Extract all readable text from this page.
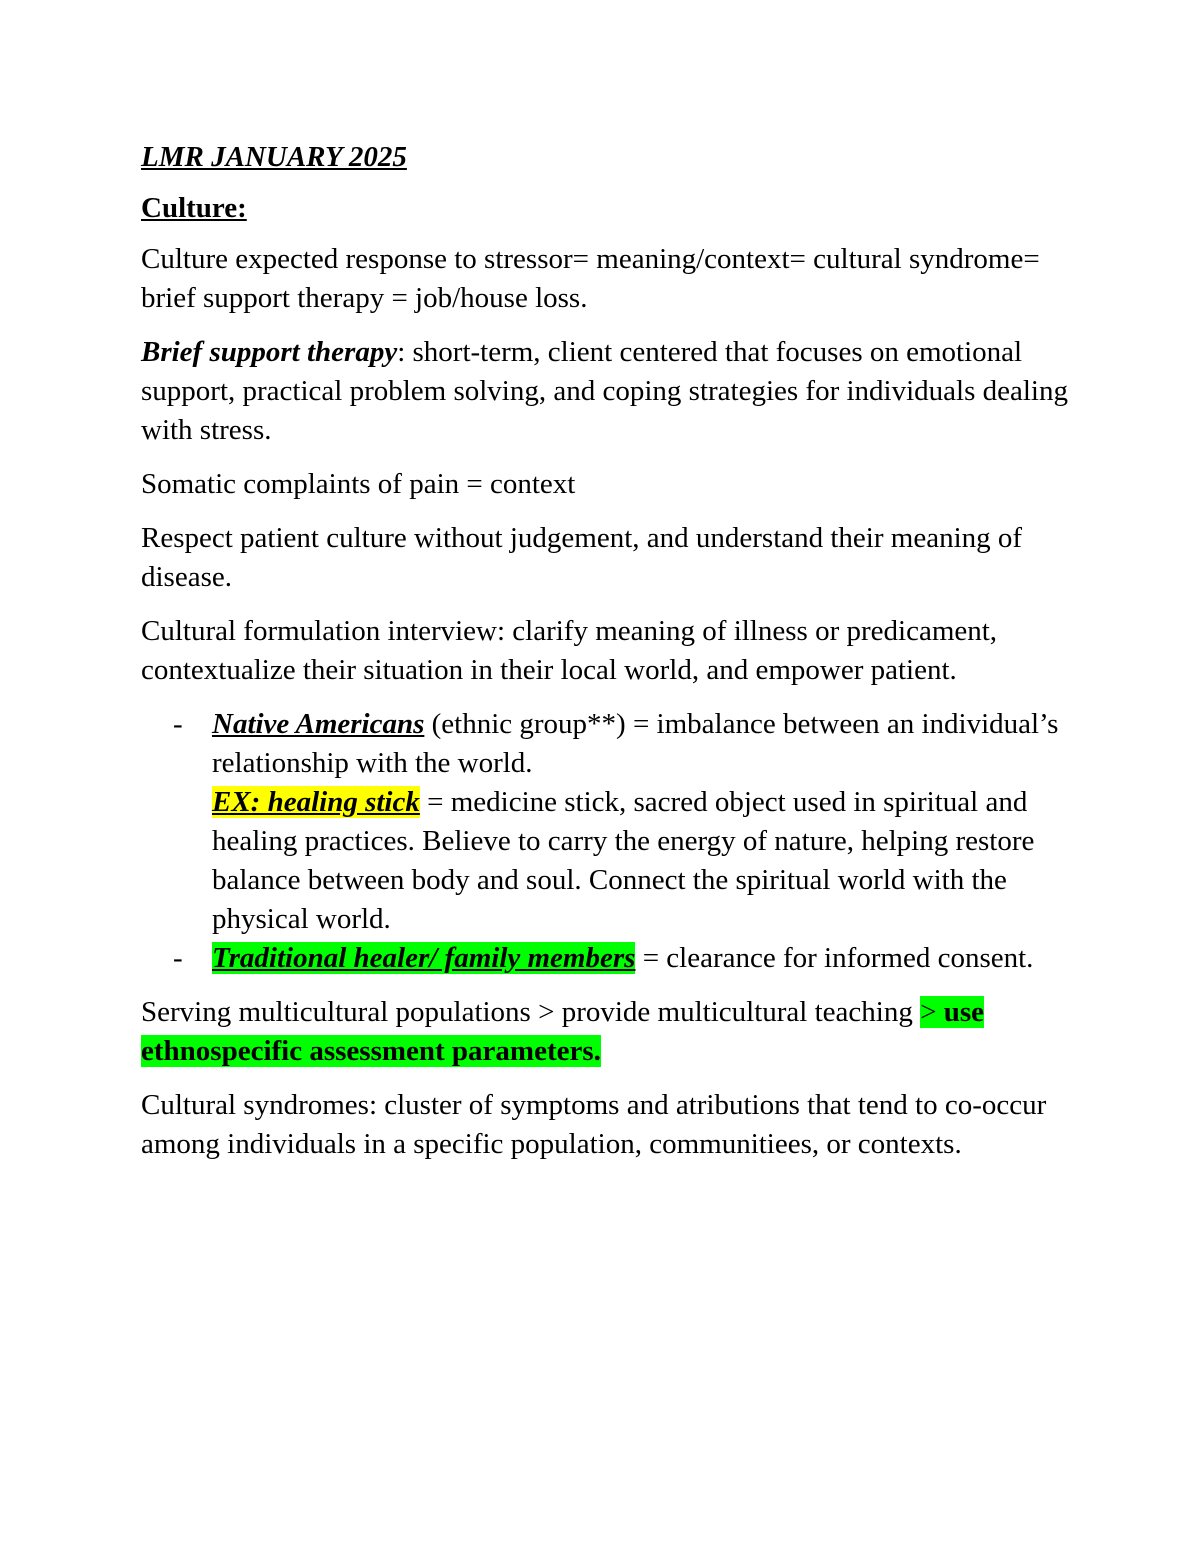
LMR JANUARY 2025

Culture:

Culture expected response to stressor= meaning/context= cultural syndrome= brief support therapy = job/house loss.

Brief support therapy: short-term, client centered that focuses on emotional support, practical problem solving, and coping strategies for individuals dealing with stress.

Somatic complaints of pain = context

Respect patient culture without judgement, and understand their meaning of disease.

Cultural formulation interview: clarify meaning of illness or predicament, contextualize their situation in their local world, and empower patient.

- Native Americans (ethnic group**) = imbalance between an individual’s relationship with the world.
EX: healing stick = medicine stick, sacred object used in spiritual and healing practices. Believe to carry the energy of nature, helping restore balance between body and soul. Connect the spiritual world with the physical world.
- Traditional healer/ family members = clearance for informed consent.

Serving multicultural populations > provide multicultural teaching > use ethnospecific assessment parameters.

Cultural syndromes: cluster of symptoms and atributions that tend to co-occur among individuals in a specific population, communitiees, or contexts.
